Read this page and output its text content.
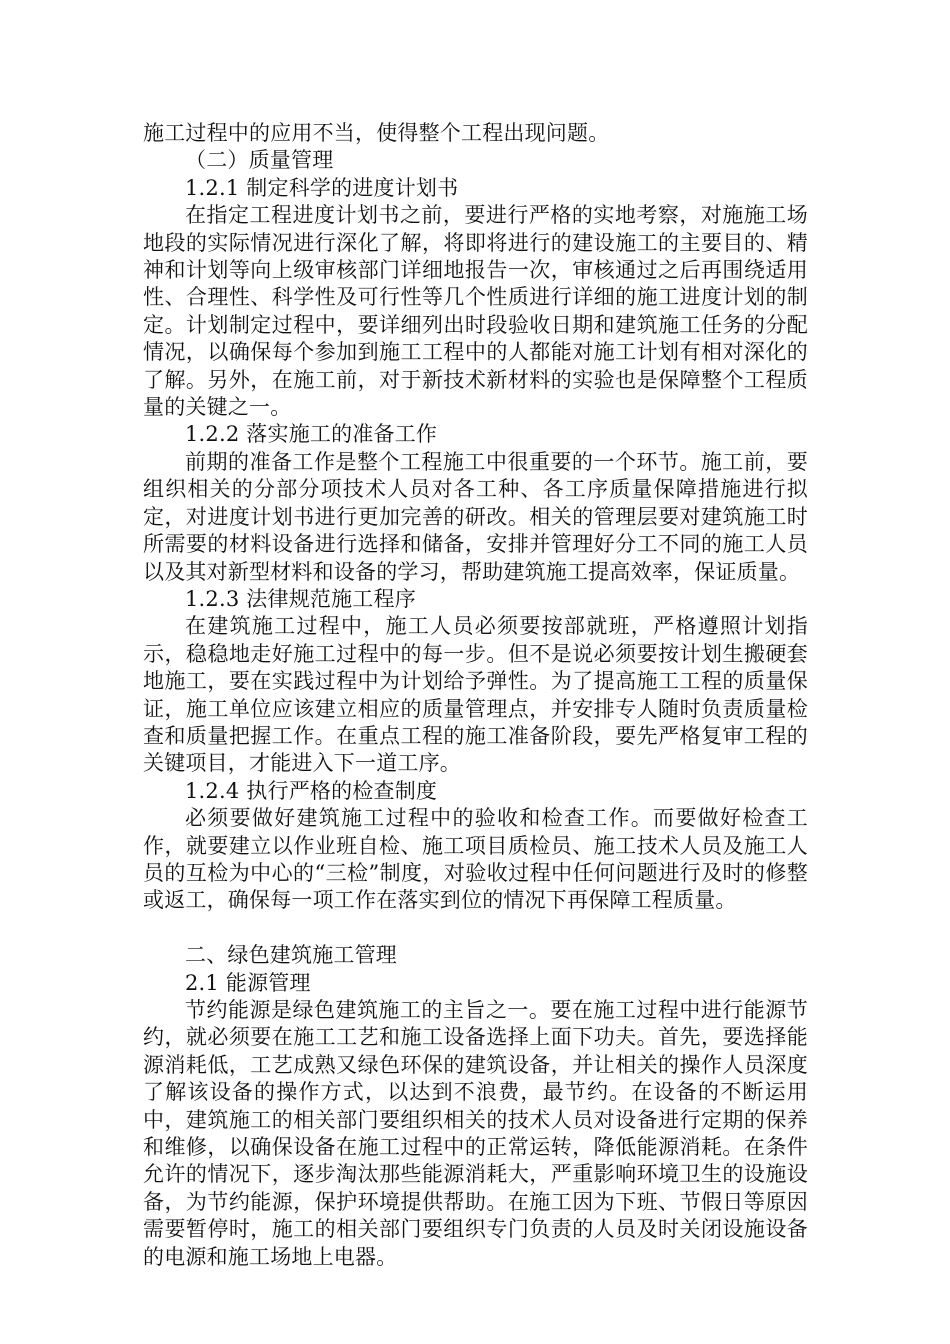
施工过程中的应用不当，使得整个工程出现问题。

（二）质量管理

1.2.1 制定科学的进度计划书

在指定工程进度计划书之前，要进行严格的实地考察，对施施工场地段的实际情况进行深化了解，将即将进行的建设施工的主要目的、精神和计划等向上级审核部门详细地报告一次，审核通过之后再围绕适用性、合理性、科学性及可行性等几个性质进行详细的施工进度计划的制定。计划制定过程中，要详细列出时段验收日期和建筑施工任务的分配情况，以确保每个参加到施工工程中的人都能对施工计划有相对深化的了解。另外，在施工前，对于新技术新材料的实验也是保障整个工程质量的关键之一。

1.2.2 落实施工的准备工作

前期的准备工作是整个工程施工中很重要的一个环节。施工前，要组织相关的分部分项技术人员对各工种、各工序质量保障措施进行拟定，对进度计划书进行更加完善的研改。相关的管理层要对建筑施工时所需要的材料设备进行选择和储备，安排并管理好分工不同的施工人员以及其对新型材料和设备的学习，帮助建筑施工提高效率，保证质量。

1.2.3 法律规范施工程序

在建筑施工过程中，施工人员必须要按部就班，严格遵照计划指示，稳稳地走好施工过程中的每一步。但不是说必须要按计划生搬硬套地施工，要在实践过程中为计划给予弹性。为了提高施工工程的质量保证，施工单位应该建立相应的质量管理点，并安排专人随时负责质量检查和质量把握工作。在重点工程的施工准备阶段，要先严格复审工程的关键项目，才能进入下一道工序。

1.2.4 执行严格的检查制度

必须要做好建筑施工过程中的验收和检查工作。而要做好检查工作，就要建立以作业班自检、施工项目质检员、施工技术人员及施工人员的互检为中心的“三检”制度，对验收过程中任何问题进行及时的修整或返工，确保每一项工作在落实到位的情况下再保障工程质量。

二、绿色建筑施工管理

2.1 能源管理

节约能源是绿色建筑施工的主旨之一。要在施工过程中进行能源节约，就必须要在施工工艺和施工设备选择上面下功夫。首先，要选择能源消耗低，工艺成熟又绿色环保的建筑设备，并让相关的操作人员深度了解该设备的操作方式，以达到不浪费，最节约。在设备的不断运用中，建筑施工的相关部门要组织相关的技术人员对设备进行定期的保养和维修，以确保设备在施工过程中的正常运转，降低能源消耗。在条件允许的情况下，逐步淘汰那些能源消耗大，严重影响环境卫生的设施设备，为节约能源，保护环境提供帮助。在施工因为下班、节假日等原因需要暂停时，施工的相关部门要组织专门负责的人员及时关闭设施设备的电源和施工场地上电器。
